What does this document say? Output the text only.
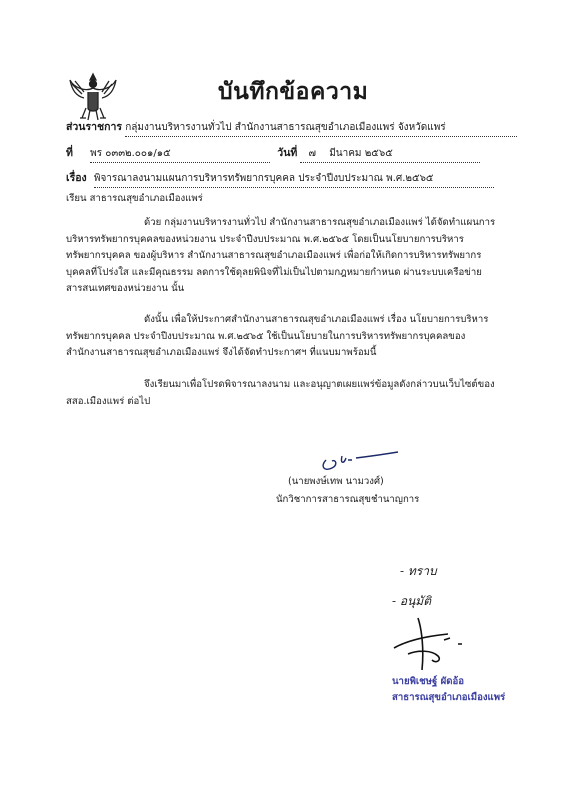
บันทึกข้อความ
ส่วนราชการ กลุ่มงานบริหารงานทั่วไป สำนักงานสาธารณสุขอำเภอเมืองแพร่ จังหวัดแพร่
ที่ พร ๐๓๓๒.๐๐๑/๑๕	วันที่ ๗ มีนาคม ๒๕๖๕
เรื่อง พิจารณาลงนามแผนการบริหารทรัพยากรบุคคล ประจำปีงบประมาณ พ.ศ.๒๕๖๕
เรียน สาธารณสุขอำเภอเมืองแพร่
ด้วย กลุ่มงานบริหารงานทั่วไป สำนักงานสาธารณสุขอำเภอเมืองแพร่ ได้จัดทำแผนการ
บริหารทรัพยากรบุคคลของหน่วยงาน ประจำปีงบประมาณ พ.ศ.๒๕๖๕ โดยเป็นนโยบายการบริหาร
ทรัพยากรบุคคล ของผู้บริหาร สำนักงานสาธารณสุขอำเภอเมืองแพร่ เพื่อก่อให้เกิดการบริหารทรัพยากร
บุคคลที่โปร่งใส และมีคุณธรรม ลดการใช้ดุลยพินิจที่ไม่เป็นไปตามกฎหมายกำหนด ผ่านระบบเครือข่าย
สารสนเทศของหน่วยงาน นั้น
ดังนั้น เพื่อให้ประกาศสำนักงานสาธารณสุขอำเภอเมืองแพร่ เรื่อง นโยบายการบริหาร
ทรัพยากรบุคคล ประจำปีงบประมาณ พ.ศ.๒๕๖๕ ใช้เป็นนโยบายในการบริหารทรัพยากรบุคคลของ
สำนักงานสาธารณสุขอำเภอเมืองแพร่ จึงได้จัดทำประกาศฯ ที่แนบมาพร้อมนี้
จึงเรียนมาเพื่อโปรดพิจารณาลงนาม และอนุญาตเผยแพร่ข้อมูลดังกล่าวบนเว็บไซต์ของ
สสอ.เมืองแพร่ ต่อไป
(นายพงษ์เทพ นามวงศ์)
นักวิชาการสาธารณสุขชำนาญการ
- ทราบ
- อนุมัติ
นายพิเชษฐ์ ผัดอ้อ
สาธารณสุขอำเภอเมืองแพร่
